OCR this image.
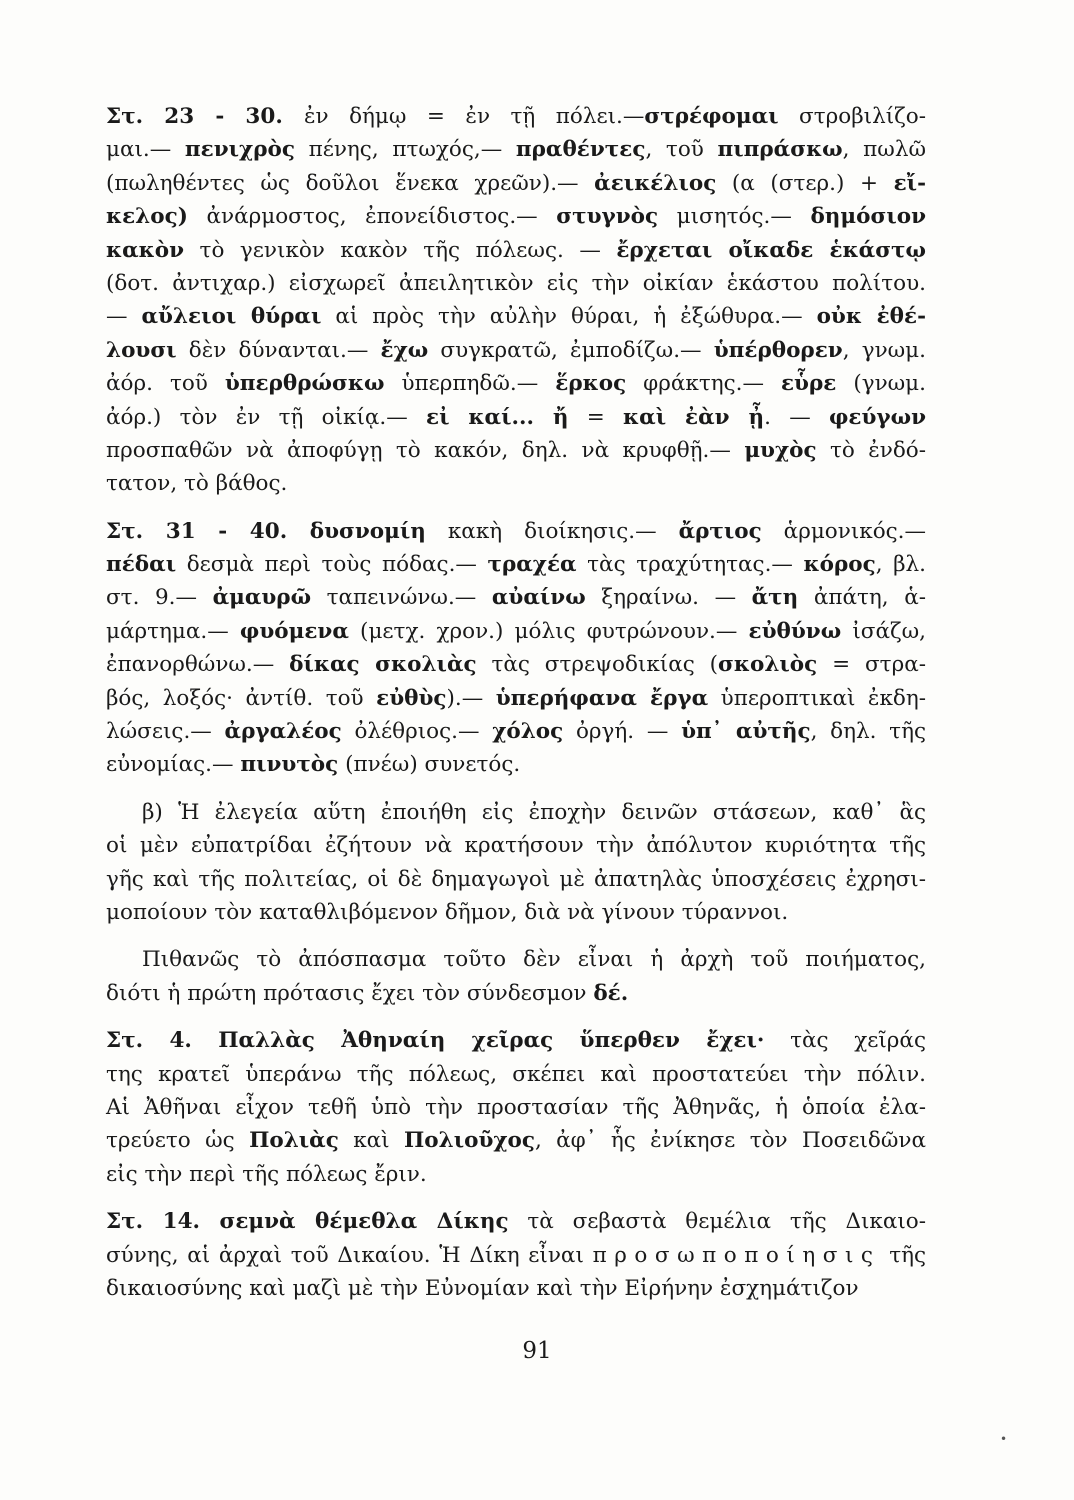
Στ. 23 - 30. ἐν δήμῳ = ἐν τῇ πόλει.—στρέφομαι στροβιλίζο-
μαι.— πενιχρὸς πένης, πτωχός,— πραθέντες, τοῦ πιπράσκω, πωλῶ
(πωληθέντες ὡς δοῦλοι ἕνεκα χρεῶν).— ἀεικέλιος (α (στερ.) + εἴ-
κελος) ἀνάρμοστος, ἐπονείδιστος.— στυγνὸς μισητός.— δημόσιον
κακὸν τὸ γενικὸν κακὸν τῆς πόλεως. — ἔρχεται οἴκαδε ἑκάστῳ
(δοτ. ἀντιχαρ.) εἰσχωρεῖ ἀπειλητικὸν εἰς τὴν οἰκίαν ἑκάστου πολίτου.
— αὔλειοι θύραι αἱ πρὸς τὴν αὐλὴν θύραι, ἡ ἐξώθυρα.— οὐκ ἐθέ-
λουσι δὲν δύνανται.— ἔχω συγκρατῶ, ἐμποδίζω.— ὑπέρθορεν, γνωμ.
ἀόρ. τοῦ ὑπερθρώσκω ὑπερπηδῶ.— ἕρκος φράκτης.— εὗρε (γνωμ.
ἀόρ.) τὸν ἐν τῇ οἰκίᾳ.— εἰ καί... ἤ = καὶ ἐὰν ᾖ. — φεύγων
προσπαθῶν νὰ ἀποφύγῃ τὸ κακόν, δηλ. νὰ κρυφθῇ.— μυχὸς τὸ ἐνδό-
τατον, τὸ βάθος.
Στ. 31 - 40. δυσνομίη κακὴ διοίκησις.— ἄρτιος ἁρμονικός.—
πέδαι δεσμὰ περὶ τοὺς πόδας.— τραχέα τὰς τραχύτητας.— κόρος, βλ.
στ. 9.— ἀμαυρῶ ταπεινώνω.— αὐαίνω ξηραίνω. — ἄτη ἀπάτη, ἁ-
μάρτημα.— φυόμενα (μετχ. χρον.) μόλις φυτρώνουν.— εὐθύνω ἰσάζω,
ἐπανορθώνω.— δίκας σκολιὰς τὰς στρεψοδικίας (σκολιὸς = στρα-
βός, λοξός· ἀντίθ. τοῦ εὐθὺς).— ὑπερήφανα ἔργα ὑπεροπτικαὶ ἐκδη-
λώσεις.— ἀργαλέος ὀλέθριος.— χόλος ὀργή. — ὑπ᾽ αὐτῆς, δηλ. τῆς
εὐνομίας.— πινυτὸς (πνέω) συνετός.
β) Ἡ ἐλεγεία αὕτη ἐποιήθη εἰς ἐποχὴν δεινῶν στάσεων, καθ᾽ ἃς
οἱ μὲν εὐπατρίδαι ἐζήτουν νὰ κρατήσουν τὴν ἀπόλυτον κυριότητα τῆς
γῆς καὶ τῆς πολιτείας, οἱ δὲ δημαγωγοὶ μὲ ἀπατηλὰς ὑποσχέσεις ἐχρησι-
μοποίουν τὸν καταθλιβόμενον δῆμον, διὰ νὰ γίνουν τύραννοι.
Πιθανῶς τὸ ἀπόσπασμα τοῦτο δὲν εἶναι ἡ ἀρχὴ τοῦ ποιήματος,
διότι ἡ πρώτη πρότασις ἔχει τὸν σύνδεσμον δέ.
Στ. 4. Παλλὰς Ἀθηναίη χεῖρας ὕπερθεν ἔχει· τὰς χεῖράς
της κρατεῖ ὑπεράνω τῆς πόλεως, σκέπει καὶ προστατεύει τὴν πόλιν.
Αἱ Ἀθῆναι εἶχον τεθῆ ὑπὸ τὴν προστασίαν τῆς Ἀθηνᾶς, ἡ ὁποία ἐλα-
τρεύετο ὡς Πολιὰς καὶ Πολιοῦχος, ἀφ᾽ ἧς ἐνίκησε τὸν Ποσειδῶνα
εἰς τὴν περὶ τῆς πόλεως ἔριν.
Στ. 14. σεμνὰ θέμεθλα Δίκης τὰ σεβαστὰ θεμέλια τῆς Δικαιο-
σύνης, αἱ ἀρχαὶ τοῦ Δικαίου. Ἡ Δίκη εἶναι προσωποποίησις τῆς
δικαιοσύνης καὶ μαζὶ μὲ τὴν Εὐνομίαν καὶ τὴν Εἰρήνην ἐσχημάτιζον
91
•
